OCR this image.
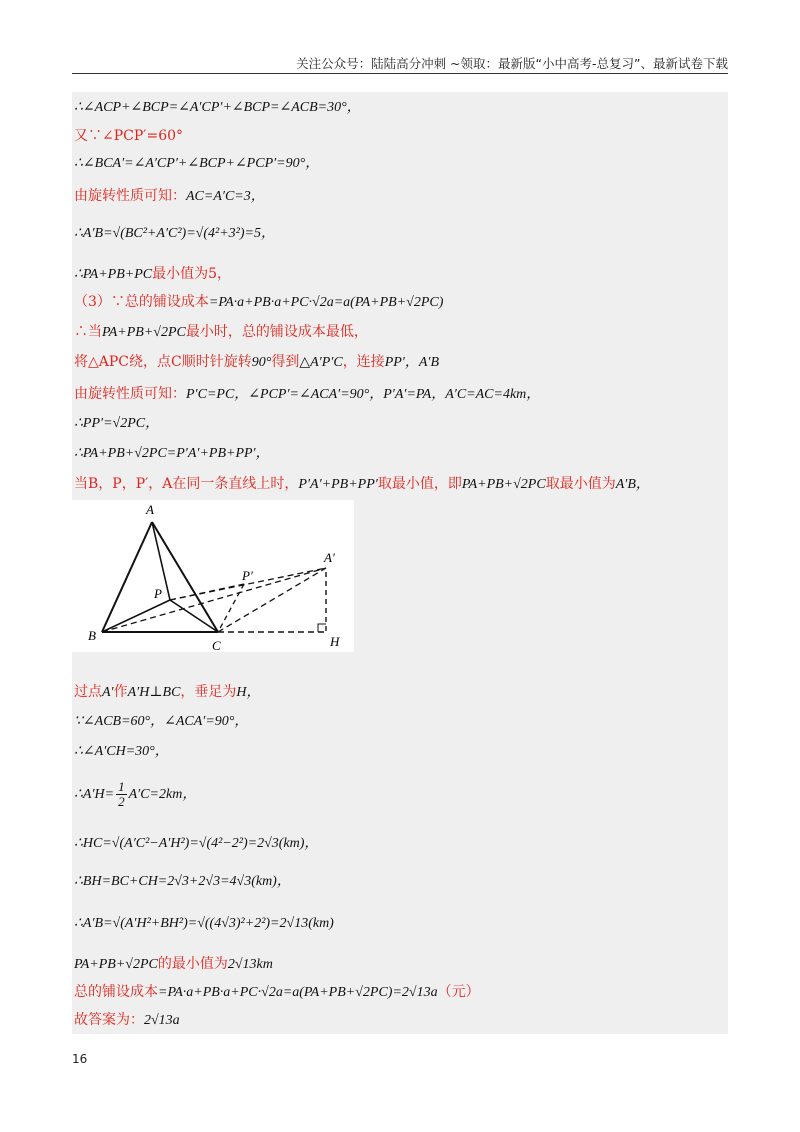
关注公众号：陆陆高分冲刺 ~领取：最新版“小中高考-总复习”、最新试卷下载
∴∠ACP+∠BCP=∠A′CP′+∠BCP=∠ACB=30°，
又∵∠PCP′=60°
∴∠BCA′=∠A′CP′+∠BCP+∠PCP′=90°，
由旋转性质可知：AC=A′C=3，
∴A′B=√(BC²+A′C²)=√(4²+3²)=5，
∴PA+PB+PC最小值为5，
（3）∵总的铺设成本=PA·a+PB·a+PC·√2a=a(PA+PB+√2PC)
∴当PA+PB+√2PC最小时，总的铺设成本最低，
将△APC绕，点C顺时针旋转90°得到△A′P′C，连接PP′，A′B
由旋转性质可知：P′C=PC，∠PCP′=∠ACA′=90°，P′A′=PA，A′C=AC=4km，
∴PP′=√2PC，
∴PA+PB+√2PC=P′A′+PB+PP′，
当B，P，P′，A在同一条直线上时，P′A′+PB+PP′取最小值，即PA+PB+√2PC取最小值为A′B，
A
B
C
P
P′
A′
H
过点A′作A′H⊥BC，垂足为H，
∵∠ACB=60°，∠ACA′=90°，
∴∠A′CH=30°，
∴A′H= $\frac{1}{2} A'C=2km$，
∴HC=√(A′C²−A′H²)=√(4²−2²)=2√3(km)，
∴BH=BC+CH=2√3+2√3=4√3(km)，
∴A′B=√(A′H²+BH²)=√((4√3)²+2²)=2√13(km)
PA+PB+√2PC的最小值为2√13km
总的铺设成本=PA·a+PB·a+PC·√2a=a(PA+PB+√2PC)=2√13a（元）
故答案为：2√13a
16
